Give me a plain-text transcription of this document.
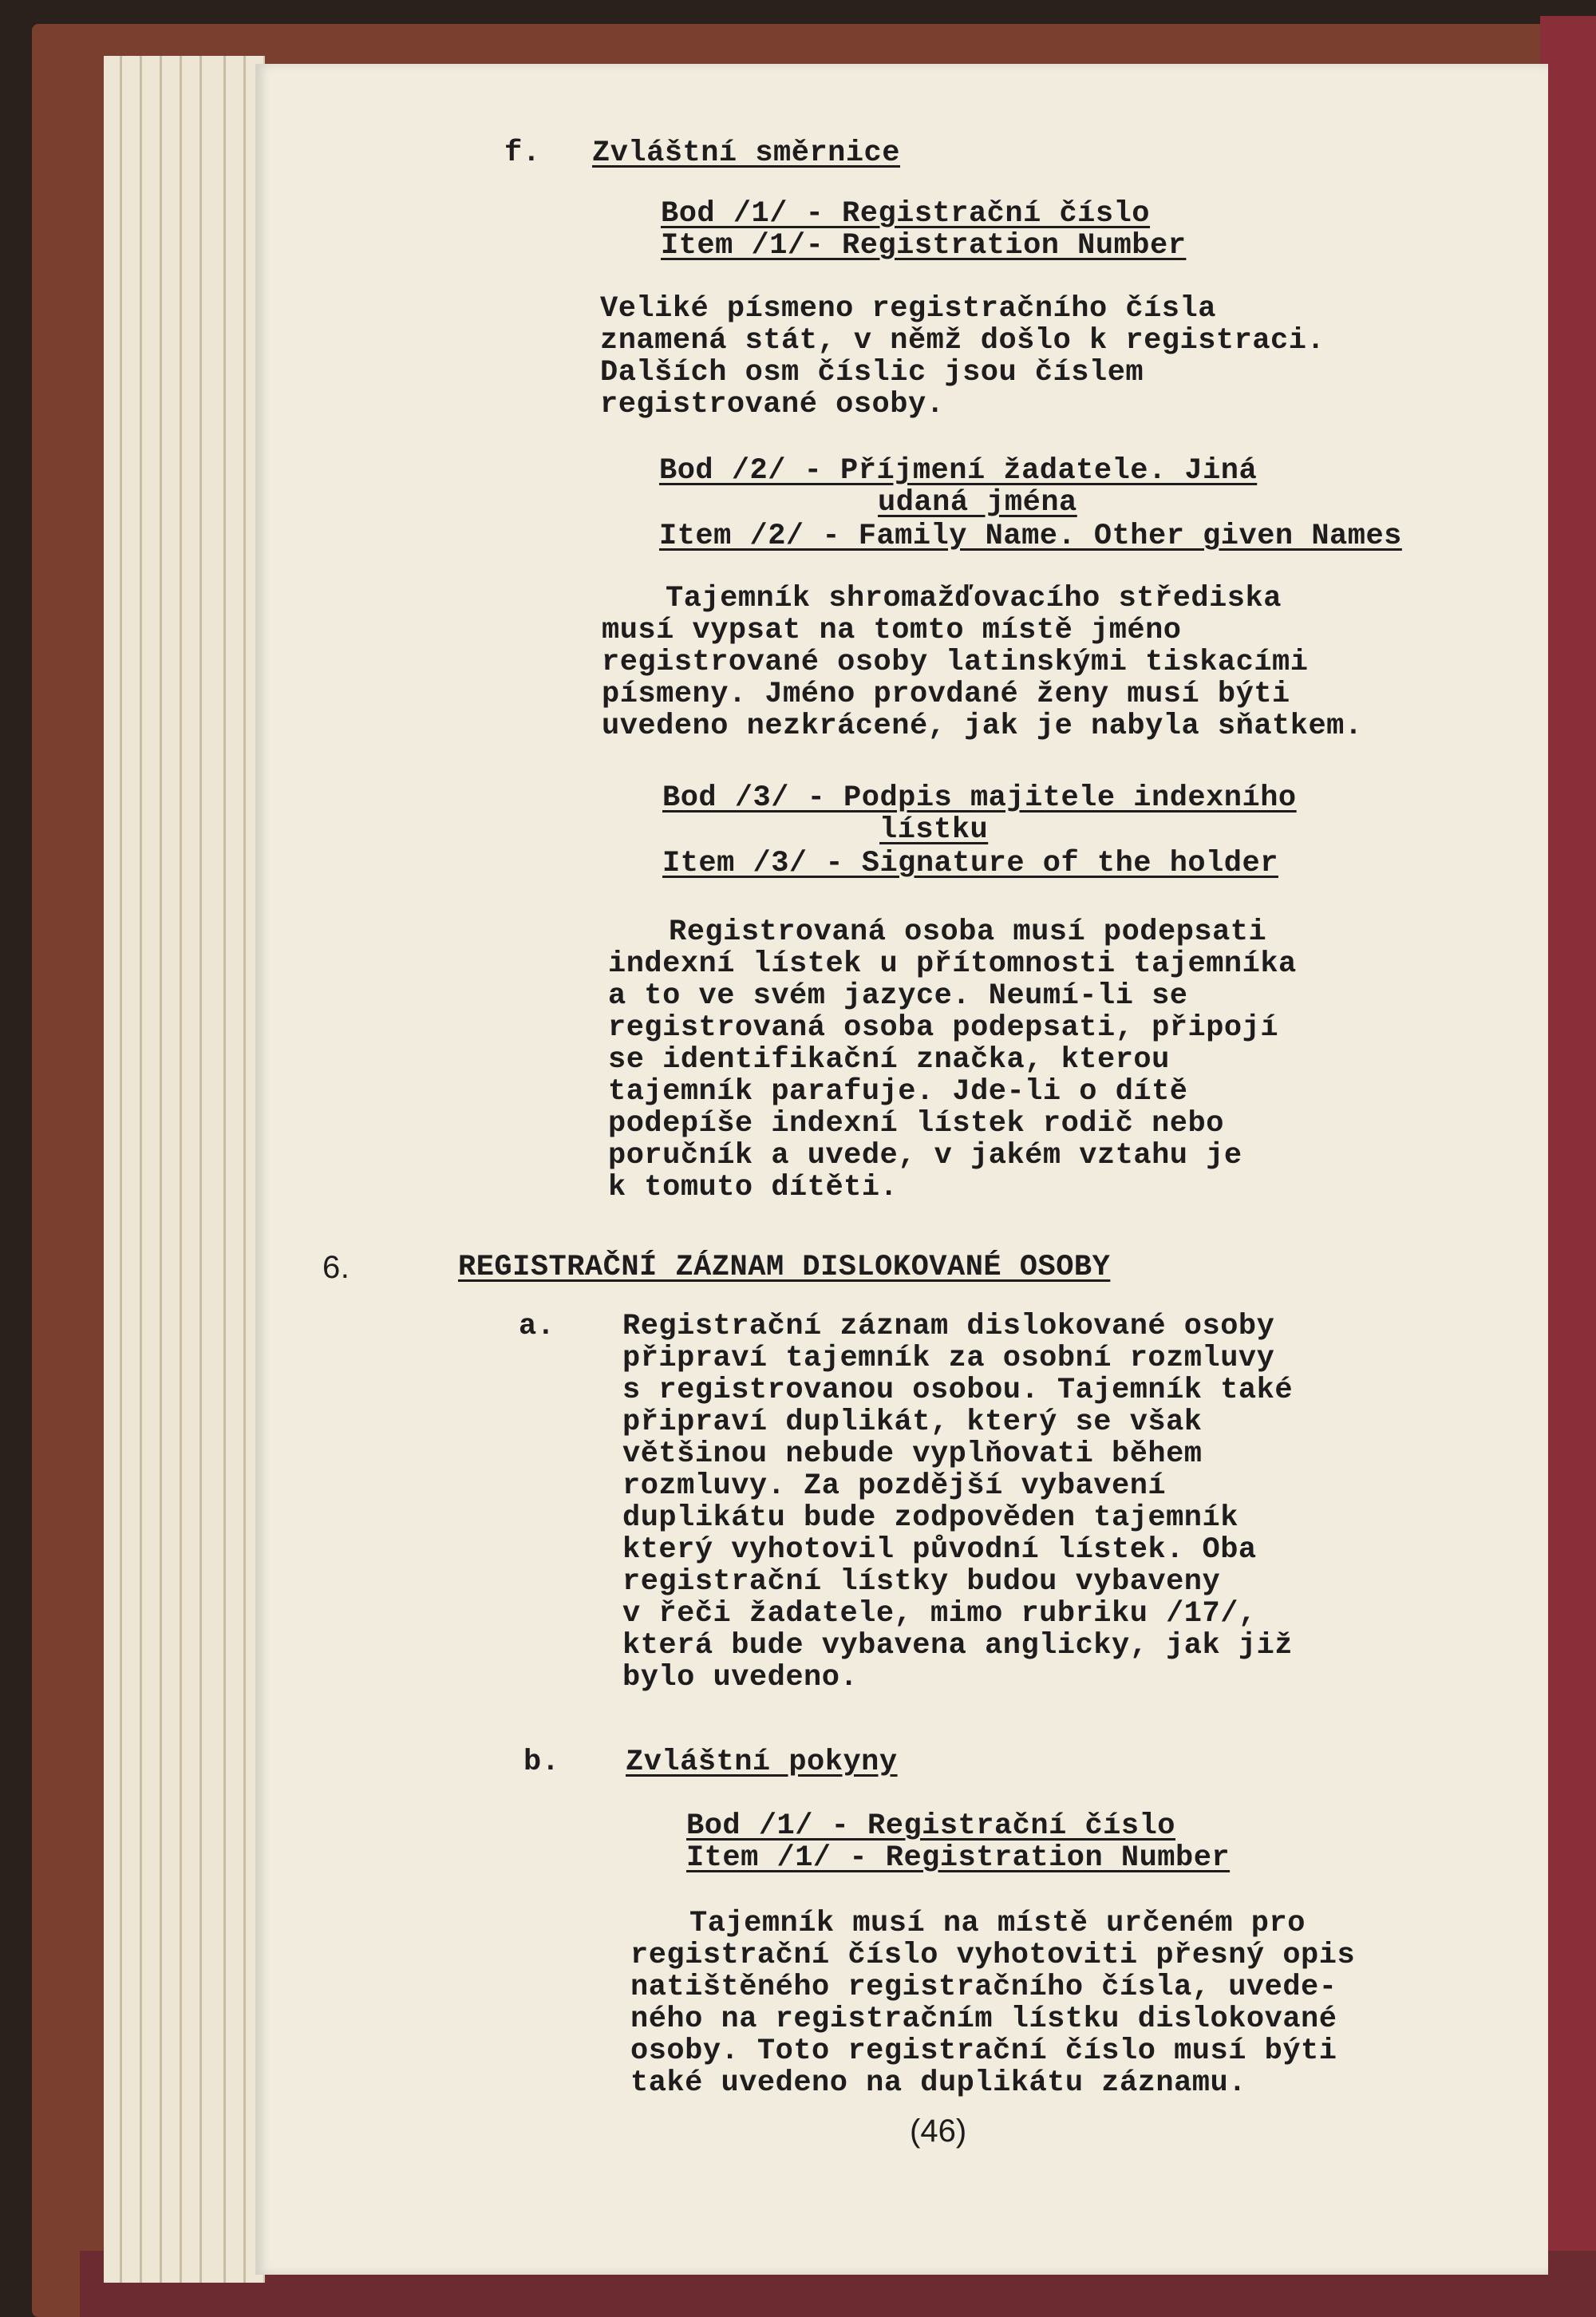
f. Zvláštní směrnice
Bod /1/ - Registrační číslo
Item /1/- Registration Number
Veliké písmeno registračního čísla
znamená stát, v němž došlo k registraci.
Dalších osm číslic jsou číslem
registrované osoby.
Bod /2/ - Příjmení žadatele. Jiná
udaná jména
Item /2/ - Family Name. Other given Names
Tajemník shromažďovacího střediska
musí vypsat na tomto místě jméno
registrované osoby latinskými tiskacími
písmeny. Jméno provdané ženy musí býti
uvedeno nezkrácené, jak je nabyla sňatkem.
Bod /3/ - Podpis majitele indexního
lístku
Item /3/ - Signature of the holder
Registrovaná osoba musí podepsati
indexní lístek u přítomnosti tajemníka
a to ve svém jazyce. Neumí-li se
registrovaná osoba podepsati, připojí
se identifikační značka, kterou
tajemník parafuje. Jde-li o dítě
podepíše indexní lístek rodič nebo
poručník a uvede, v jakém vztahu je
k tomuto dítěti.
6.	REGISTRAČNÍ ZÁZNAM DISLOKOVANÉ OSOBY
a. Registrační záznam dislokované osoby
připraví tajemník za osobní rozmluvy
s registrovanou osobou. Tajemník také
připraví duplikát, který se však
většinou nebude vyplňovati během
rozmluvy. Za pozdější vybavení
duplikátu bude zodpověden tajemník
který vyhotovil původní lístek. Oba
registrační lístky budou vybaveny
v řeči žadatele, mimo rubriku /17/,
která bude vybavena anglicky, jak již
bylo uvedeno.
b. Zvláštní pokyny
Bod /1/ - Registrační číslo
Item /1/ - Registration Number
Tajemník musí na místě určeném pro
registrační číslo vyhotoviti přesný opis
natištěného registračního čísla, uvede-
ného na registračním lístku dislokované
osoby. Toto registrační číslo musí býti
také uvedeno na duplikátu záznamu.
(46)
